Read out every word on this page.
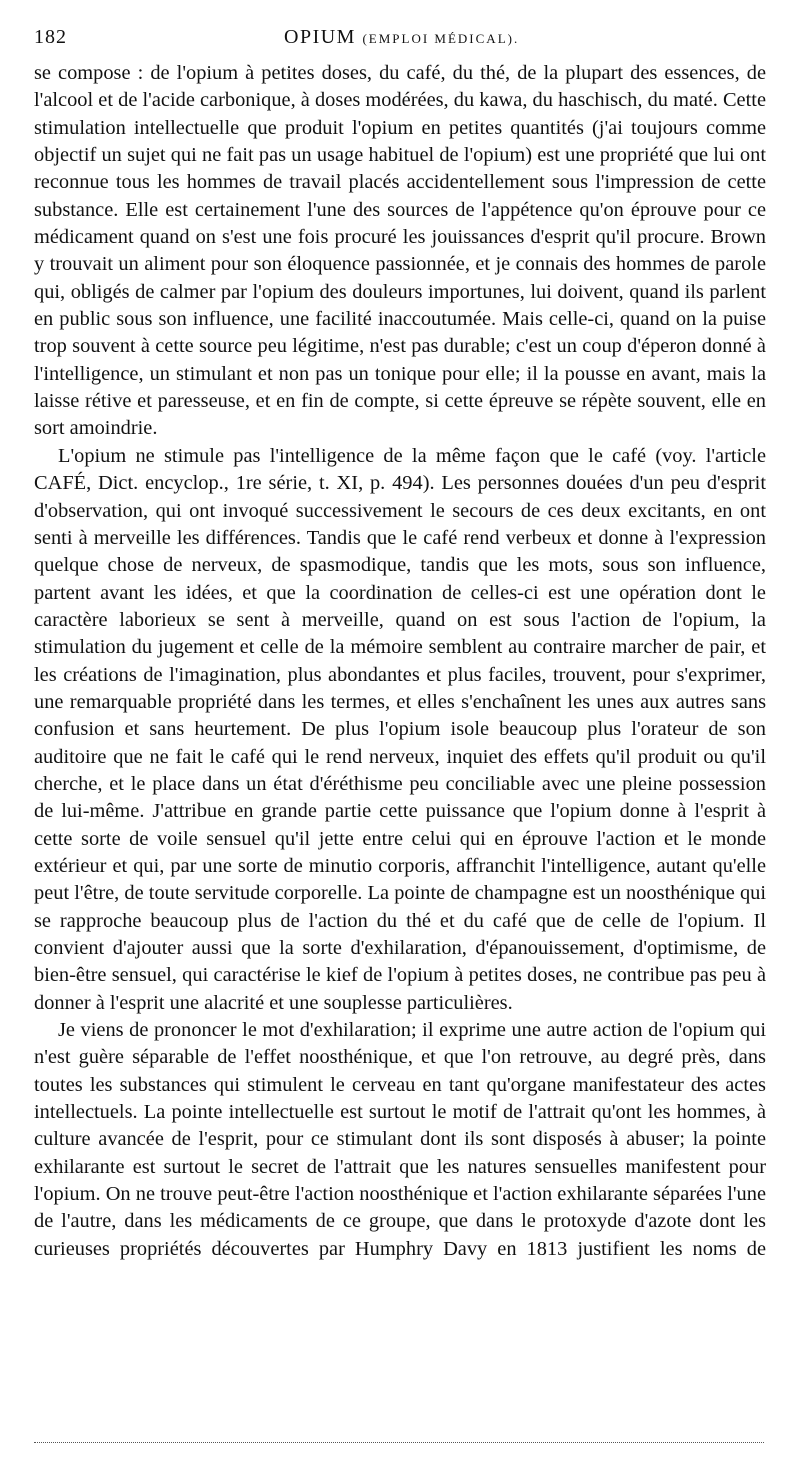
182	OPIUM (EMPLOI MÉDICAL).

se compose : de l'opium à petites doses, du café, du thé, de la plupart des essences, de l'alcool et de l'acide carbonique, à doses modérées, du kawa, du haschisch, du maté. Cette stimulation intellectuelle que produit l'opium en petites quantités (j'ai toujours comme objectif un sujet qui ne fait pas un usage habituel de l'opium) est une propriété que lui ont reconnue tous les hommes de travail placés accidentellement sous l'impression de cette substance. Elle est certainement l'une des sources de l'appétence qu'on éprouve pour ce médicament quand on s'est une fois procuré les jouissances d'esprit qu'il procure. Brown y trouvait un aliment pour son éloquence passionnée, et je connais des hommes de parole qui, obligés de calmer par l'opium des douleurs importunes, lui doivent, quand ils parlent en public sous son influence, une facilité inaccoutumée. Mais celle-ci, quand on la puise trop souvent à cette source peu légitime, n'est pas durable; c'est un coup d'éperon donné à l'intelligence, un stimulant et non pas un tonique pour elle; il la pousse en avant, mais la laisse rétive et paresseuse, et en fin de compte, si cette épreuve se répète souvent, elle en sort amoindrie.

L'opium ne stimule pas l'intelligence de la même façon que le café (voy. l'article CAFÉ, Dict. encyclop., 1re série, t. XI, p. 494). Les personnes douées d'un peu d'esprit d'observation, qui ont invoqué successivement le secours de ces deux excitants, en ont senti à merveille les différences. Tandis que le café rend verbeux et donne à l'expression quelque chose de nerveux, de spasmodique, tandis que les mots, sous son influence, partent avant les idées, et que la coordination de celles-ci est une opération dont le caractère laborieux se sent à merveille, quand on est sous l'action de l'opium, la stimulation du jugement et celle de la mémoire semblent au contraire marcher de pair, et les créations de l'imagination, plus abondantes et plus faciles, trouvent, pour s'exprimer, une remarquable propriété dans les termes, et elles s'enchaînent les unes aux autres sans confusion et sans heurtement. De plus l'opium isole beaucoup plus l'orateur de son auditoire que ne fait le café qui le rend nerveux, inquiet des effets qu'il produit ou qu'il cherche, et le place dans un état d'éréthisme peu conciliable avec une pleine possession de lui-même. J'attribue en grande partie cette puissance que l'opium donne à l'esprit à cette sorte de voile sensuel qu'il jette entre celui qui en éprouve l'action et le monde extérieur et qui, par une sorte de minutio corporis, affranchit l'intelligence, autant qu'elle peut l'être, de toute servitude corporelle. La pointe de champagne est un noosthénique qui se rapproche beaucoup plus de l'action du thé et du café que de celle de l'opium. Il convient d'ajouter aussi que la sorte d'exhilaration, d'épanouissement, d'optimisme, de bien-être sensuel, qui caractérise le kief de l'opium à petites doses, ne contribue pas peu à donner à l'esprit une alacrité et une souplesse particulières.

Je viens de prononcer le mot d'exhilaration; il exprime une autre action de l'opium qui n'est guère séparable de l'effet noosthénique, et que l'on retrouve, au degré près, dans toutes les substances qui stimulent le cerveau en tant qu'organe manifestateur des actes intellectuels. La pointe intellectuelle est surtout le motif de l'attrait qu'ont les hommes, à culture avancée de l'esprit, pour ce stimulant dont ils sont disposés à abuser; la pointe exhilarante est surtout le secret de l'attrait que les natures sensuelles manifestent pour l'opium. On ne trouve peut-être l'action noosthénique et l'action exhilarante séparées l'une de l'autre, dans les médicaments de ce groupe, que dans le protoxyde d'azote dont les curieuses propriétés découvertes par Humphry Davy en 1813 justifient les noms de
